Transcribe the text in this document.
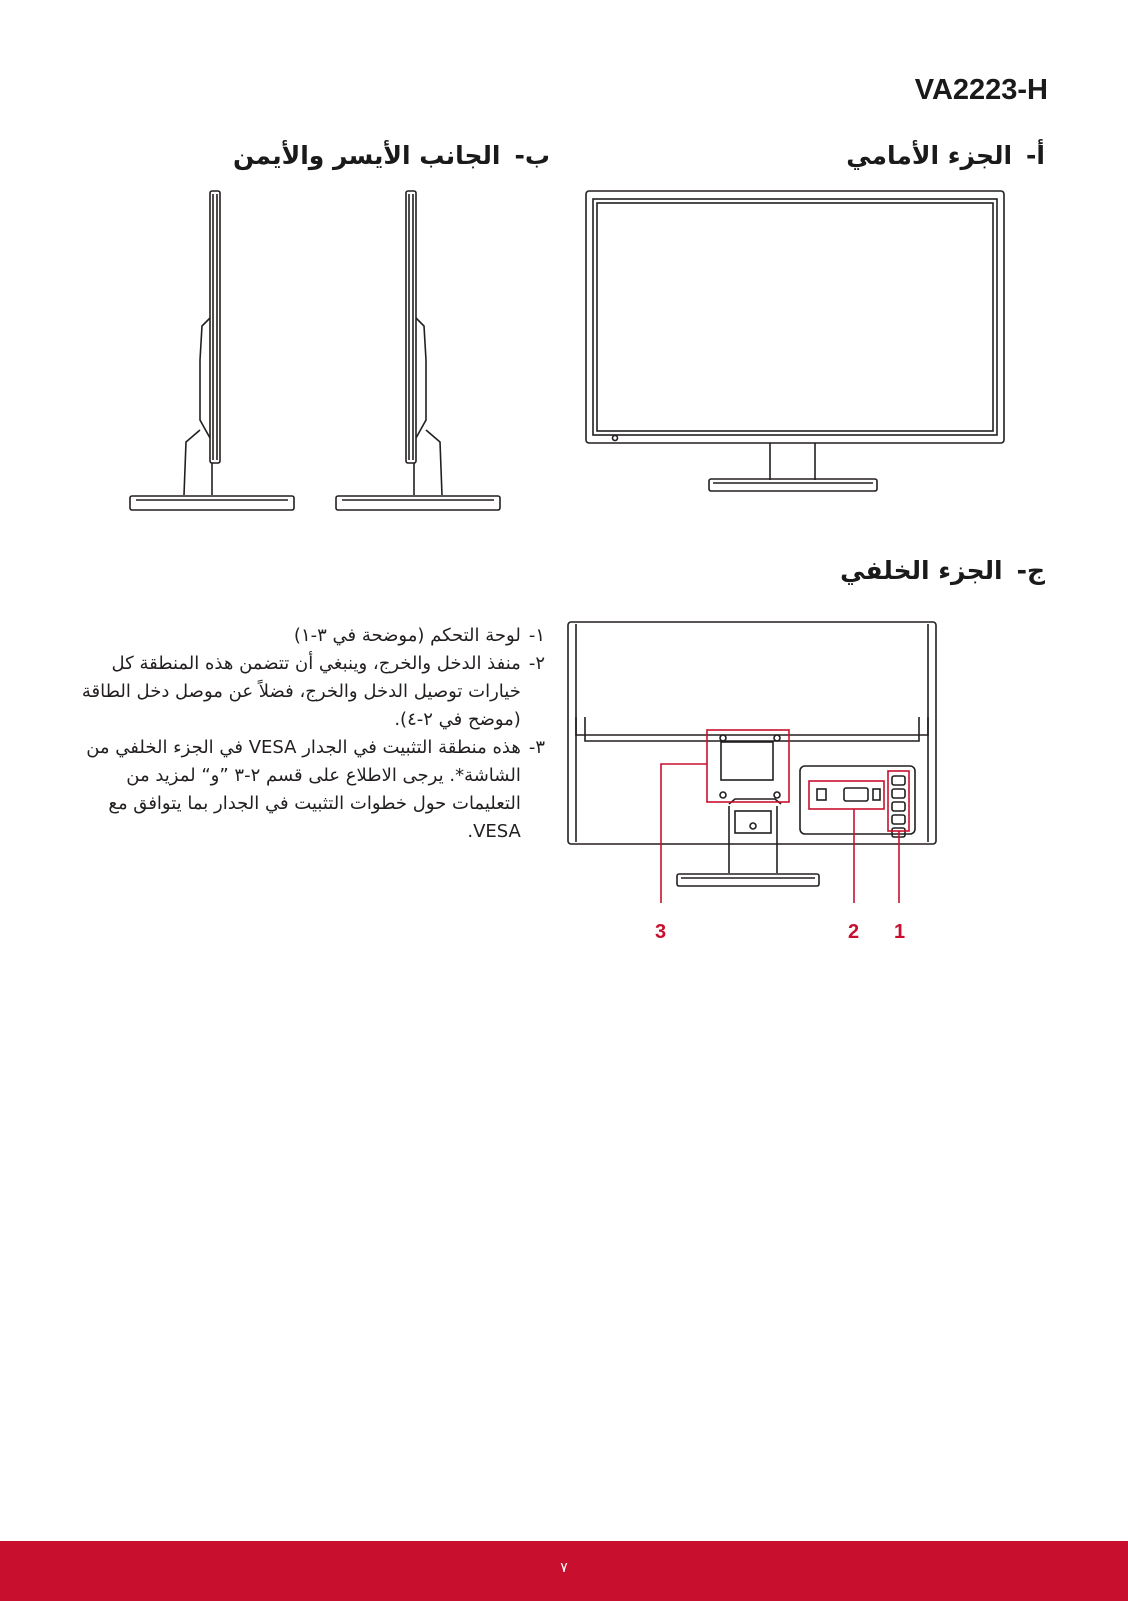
VA2223-H
أ-الجزء الأمامي
ب-الجانب الأيسر والأيمن
ج-الجزء الخلفي
3	2 1
١-
لوحة التحكم (موضحة في ٣-١)
٢-
منفذ الدخل والخرج، وينبغي أن تتضمن هذه المنطقة كل خيارات توصيل الدخل والخرج، فضلاً عن موصل دخل الطاقة (موضح في ٢-٤).
٣-
هذه منطقة التثبيت في الجدار VESA في الجزء الخلفي من الشاشة*. يرجى الاطلاع على قسم ٢-٣ ”و“ لمزيد من التعليمات حول خطوات التثبيت في الجدار بما يتوافق مع VESA.
٧
